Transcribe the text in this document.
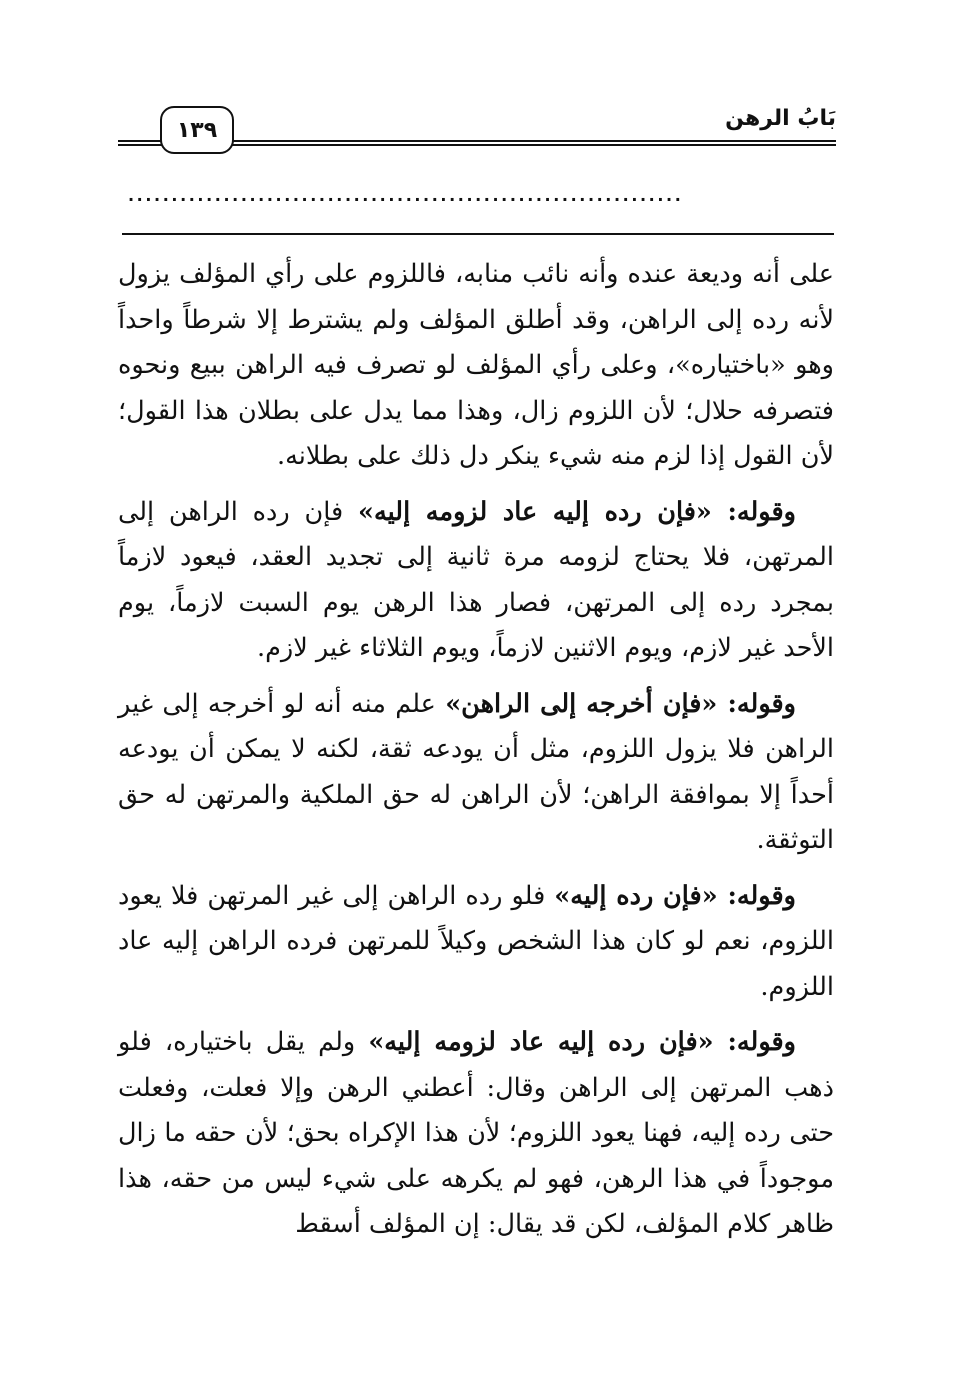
١٣٩	بَابُ الرهن
................................................................

على أنه وديعة عنده وأنه نائب منابه، فاللزوم على رأي المؤلف يزول لأنه رده إلى الراهن، وقد أطلق المؤلف ولم يشترط إلا شرطاً واحداً وهو «باختياره»، وعلى رأي المؤلف لو تصرف فيه الراهن ببيع ونحوه فتصرفه حلال؛ لأن اللزوم زال، وهذا مما يدل على بطلان هذا القول؛ لأن القول إذا لزم منه شيء ينكر دل ذلك على بطلانه.

وقوله: «فإن رده إليه عاد لزومه إليه» فإن رده الراهن إلى المرتهن، فلا يحتاج لزومه مرة ثانية إلى تجديد العقد، فيعود لازماً بمجرد رده إلى المرتهن، فصار هذا الرهن يوم السبت لازماً، يوم الأحد غير لازم، ويوم الاثنين لازماً، ويوم الثلاثاء غير لازم.

وقوله: «فإن أخرجه إلى الراهن» علم منه أنه لو أخرجه إلى غير الراهن فلا يزول اللزوم، مثل أن يودعه ثقة، لكنه لا يمكن أن يودعه أحداً إلا بموافقة الراهن؛ لأن الراهن له حق الملكية والمرتهن له حق التوثقة.

وقوله: «فإن رده إليه» فلو رده الراهن إلى غير المرتهن فلا يعود اللزوم، نعم لو كان هذا الشخص وكيلاً للمرتهن فرده الراهن إليه عاد اللزوم.

وقوله: «فإن رده إليه عاد لزومه إليه» ولم يقل باختياره، فلو ذهب المرتهن إلى الراهن وقال: أعطني الرهن وإلا فعلت، وفعلت حتى رده إليه، فهنا يعود اللزوم؛ لأن هذا الإكراه بحق؛ لأن حقه ما زال موجوداً في هذا الرهن، فهو لم يكرهه على شيء ليس من حقه، هذا ظاهر كلام المؤلف، لكن قد يقال: إن المؤلف أسقط
